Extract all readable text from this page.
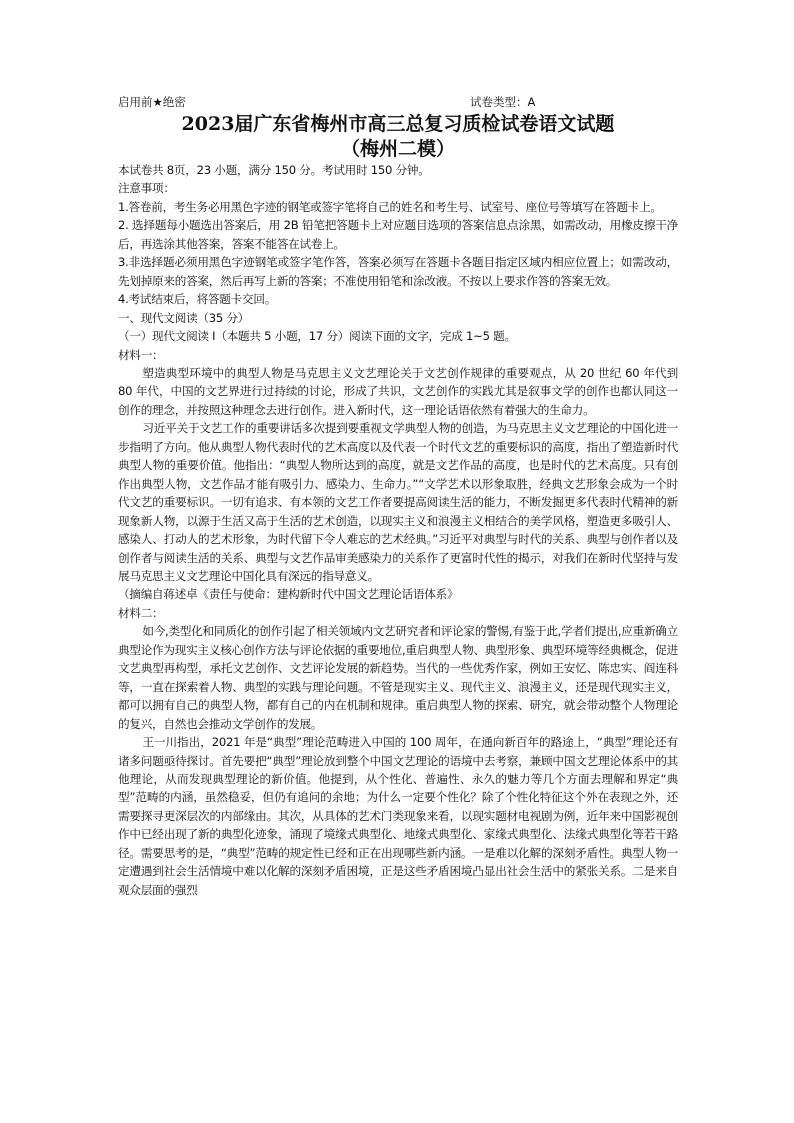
启用前★绝密	试卷类型：A
2023届广东省梅州市高三总复习质检试卷语文试题
（梅州二模）

本试卷共 8页，23 小题，满分 150 分。考试用时 150 分钟。

注意事项：

1.答卷前，考生务必用黑色字迹的钢笔或签字笔将自己的姓名和考生号、试室号、座位号等填写在答题卡上。

2. 选择题每小题选出答案后，用 2B 铅笔把答题卡上对应题目选项的答案信息点涂黑，如需改动，用橡皮擦干净后，再选涂其他答案，答案不能答在试卷上。

3.非选择题必须用黑色字迹钢笔或签字笔作答，答案必须写在答题卡各题目指定区域内相应位置上；如需改动，先划掉原来的答案，然后再写上新的答案；不准使用铅笔和涂改液。不按以上要求作答的答案无效。

4.考试结束后，将答题卡交回。

一、现代文阅读（35 分）

（一）现代文阅读 I（本题共 5 小题，17 分）阅读下面的文字，完成 1~5 题。

材料一：

塑造典型环境中的典型人物是马克思主义文艺理论关于文艺创作规律的重要观点，从 20 世纪 60 年代到 80 年代，中国的文艺界进行过持续的讨论，形成了共识，文艺创作的实践尤其是叙事文学的创作也都认同这一创作的理念，并按照这种理念去进行创作。进入新时代，这一理论话语依然有着强大的生命力。

习近平关于文艺工作的重要讲话多次提到要重视文学典型人物的创造，为马克思主义文艺理论的中国化进一步指明了方向。他从典型人物代表时代的艺术高度以及代表一个时代文艺的重要标识的高度，指出了塑造新时代典型人物的重要价值。他指出：“典型人物所达到的高度，就是文艺作品的高度，也是时代的艺术高度。只有创作出典型人物，文艺作品才能有吸引力、感染力、生命力。”“文学艺术以形象取胜，经典文艺形象会成为一个时代文艺的重要标识。一切有追求、有本领的文艺工作者要提高阅读生活的能力，不断发掘更多代表时代精神的新现象新人物，以源于生活又高于生活的艺术创造，以现实主义和浪漫主义相结合的美学风格，塑造更多吸引人、感染人、打动人的艺术形象，为时代留下令人难忘的艺术经典。”习近平对典型与时代的关系、典型与创作者以及创作者与阅读生活的关系、典型与文艺作品审美感染力的关系作了更富时代性的揭示，对我们在新时代坚持与发展马克思主义文艺理论中国化具有深远的指导意义。

（摘编自蒋述卓《责任与使命：建构新时代中国文艺理论话语体系》

材料二：

如今,类型化和同质化的创作引起了相关领域内文艺研究者和评论家的警惕,有鉴于此,学者们提出,应重新确立典型论作为现实主义核心创作方法与评论依据的重要地位,重启典型人物、典型形象、典型环境等经典概念，促进文艺典型再构型，承托文艺创作、文艺评论发展的新趋势。当代的一些优秀作家，例如王安忆、陈忠实、阎连科等，一直在探索着人物、典型的实践与理论问题。不管是现实主义、现代主义、浪漫主义，还是现代现实主义，都可以拥有自己的典型人物，都有自己的内在机制和规律。重启典型人物的探索、研究，就会带动整个人物理论的复兴，自然也会推动文学创作的发展。

王一川指出，2021 年是“典型”理论范畴进入中国的 100 周年，在通向新百年的路途上，“典型”理论还有诸多问题亟待探讨。首先要把“典型”理论放到整个中国文艺理论的语境中去考察，兼顾中国文艺理论体系中的其他理论，从而发现典型理论的新价值。他提到，从个性化、普遍性、永久的魅力等几个方面去理解和界定“典型”范畴的内涵，虽然稳妥，但仍有追问的余地；为什么一定要个性化？除了个性化特征这个外在表现之外，还需要探寻更深层次的内部缘由。其次，从具体的艺术门类现象来看，以现实题材电视剧为例，近年来中国影视创作中已经出现了新的典型化迹象，涌现了境缘式典型化、地缘式典型化、家缘式典型化、法缘式典型化等若干路径。需要思考的是，“典型”范畴的规定性已经和正在出现哪些新内涵。一是难以化解的深刻矛盾性。典型人物一定遭遇到社会生活情境中难以化解的深刻矛盾困境，正是这些矛盾困境凸显出社会生活中的紧张关系。二是来自观众层面的强烈
